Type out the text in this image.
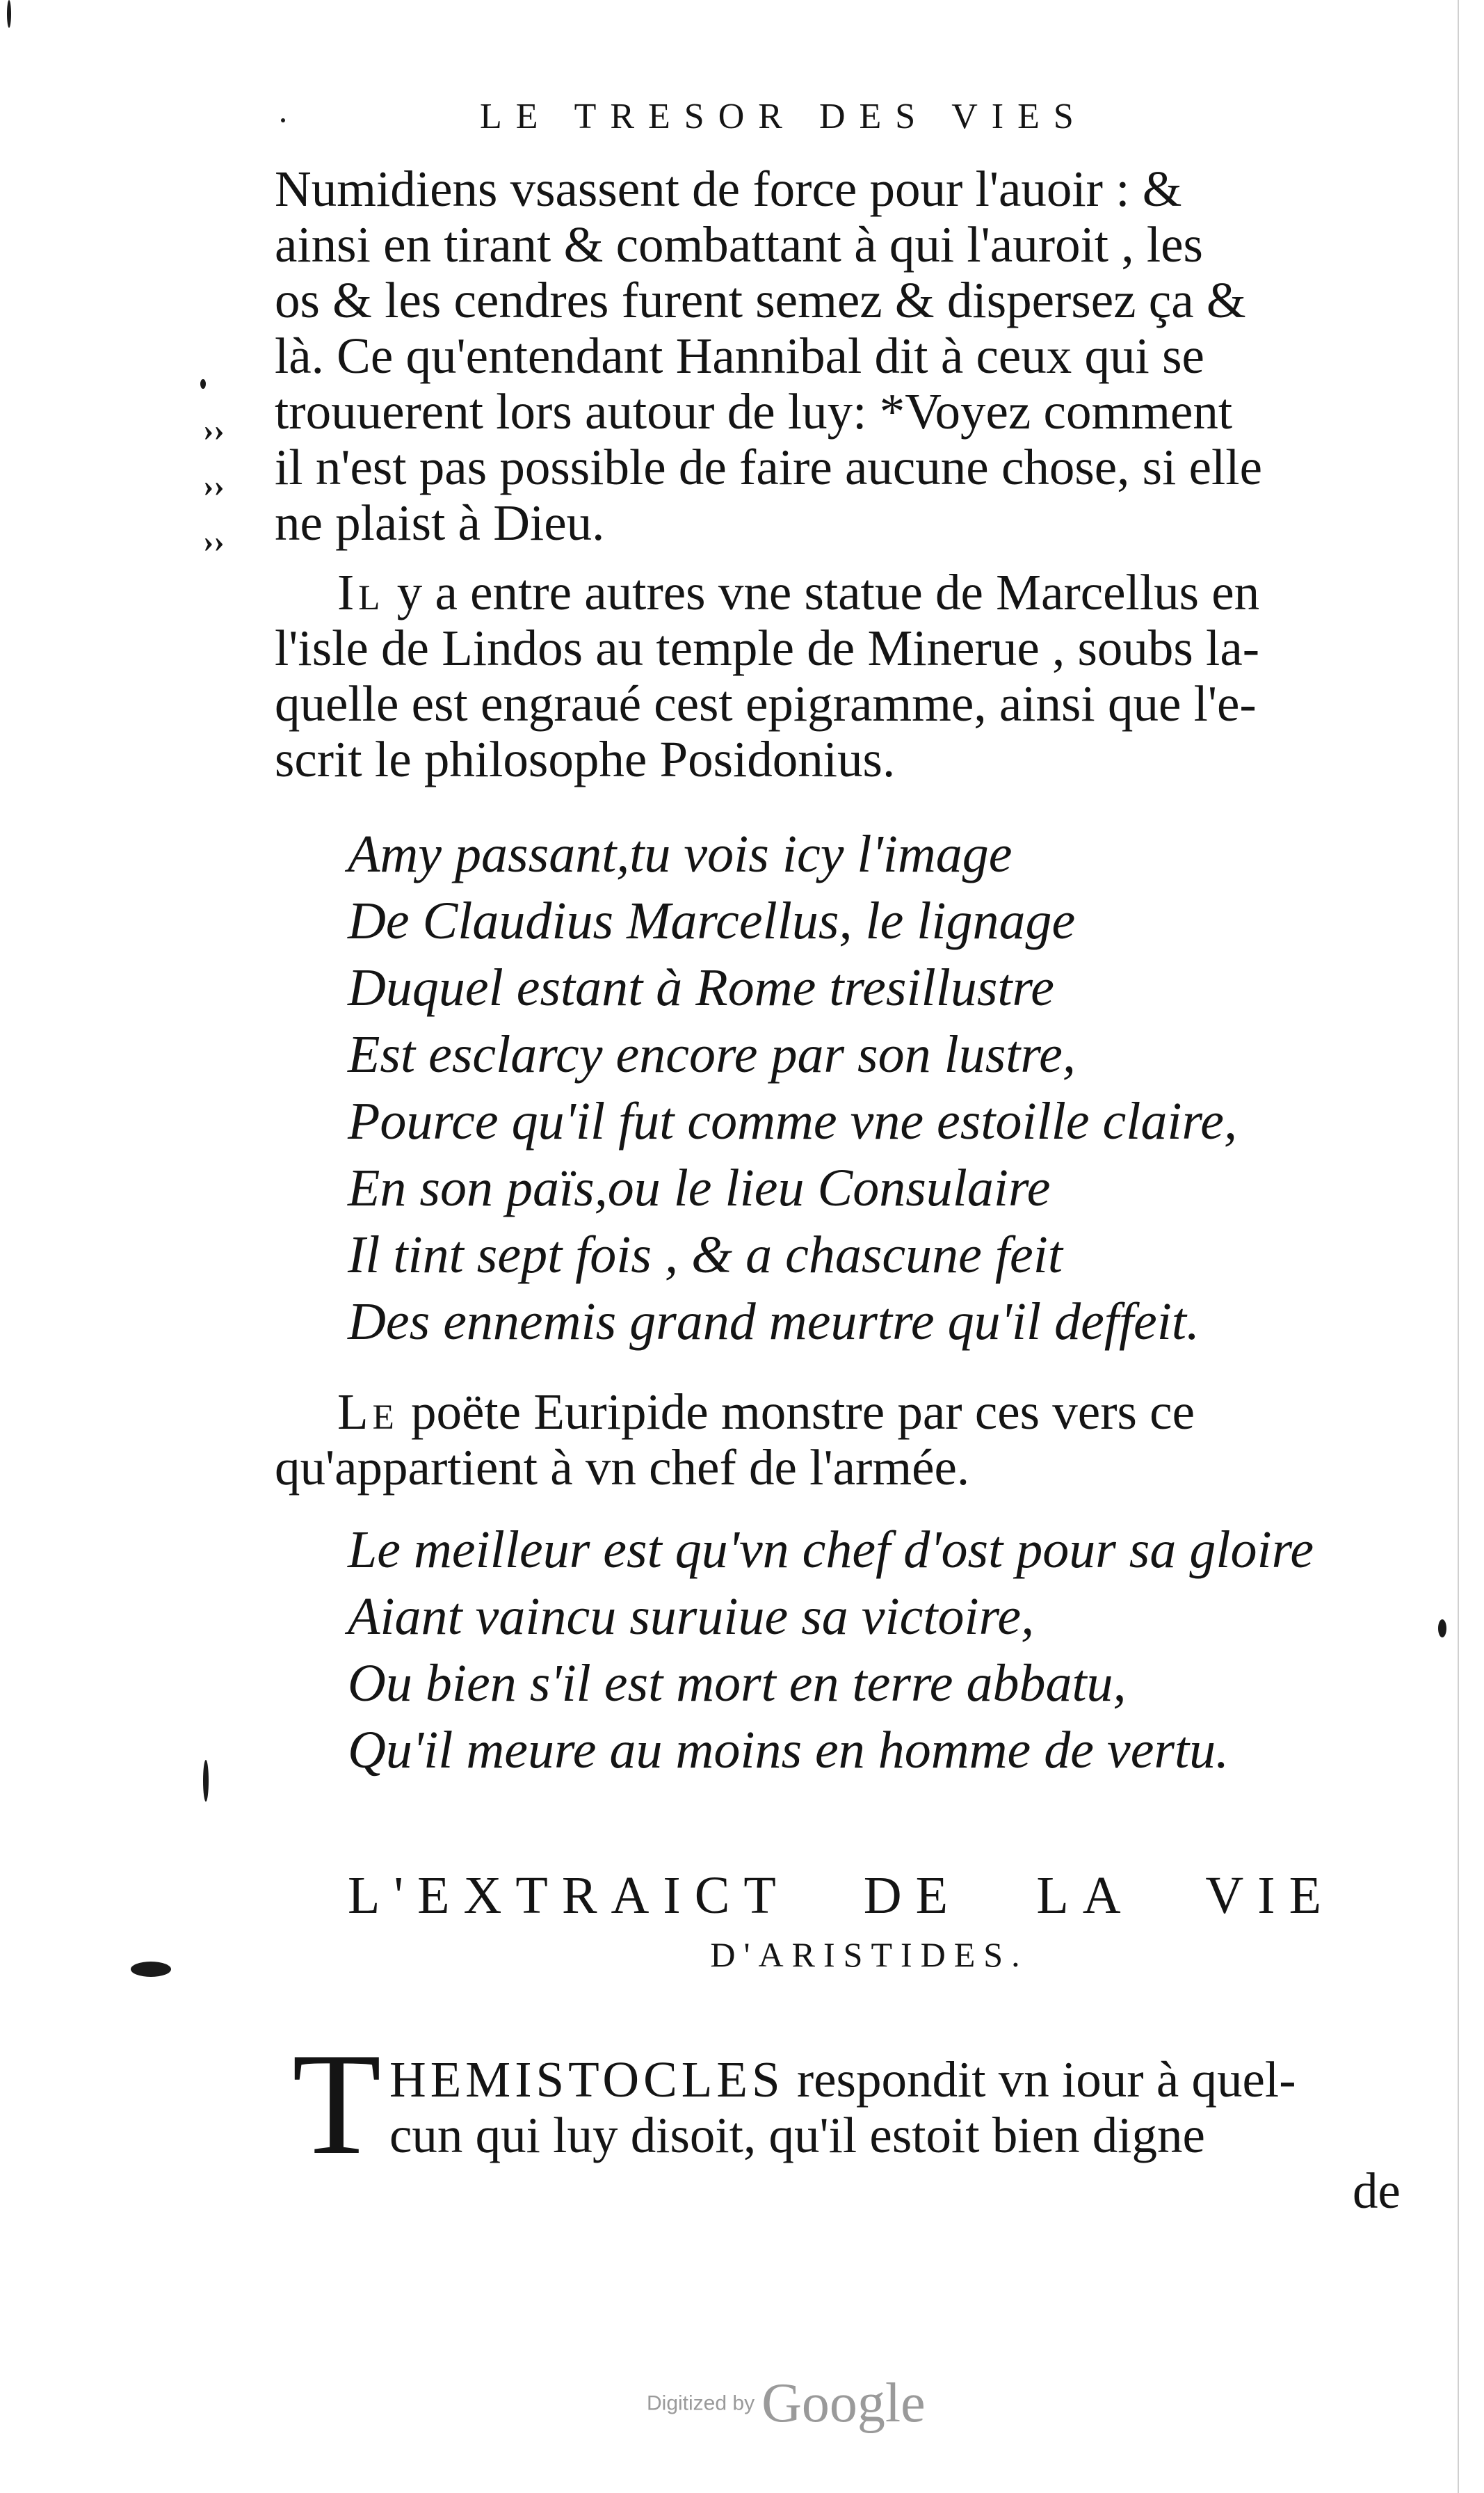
LE TRESOR DES VIES
››
››
››

Numidiens vsassent de force pour l'auoir : &

ainsi en tirant & combattant à qui l'auroit , les

os & les cendres furent semez & dispersez ça &

là. Ce qu'entendant Hannibal dit à ceux qui se

trouuerent lors autour de luy: *Voyez comment

il n'est pas possible de faire aucune chose, si elle

ne plaist à Dieu.

Il y a entre autres vne statue de Marcellus en

l'isle de Lindos au temple de Minerue , soubs la-

quelle est engraué cest epigramme, ainsi que l'e-

scrit le philosophe Posidonius.

Amy passant,tu vois icy l'image
De Claudius Marcellus, le lignage
Duquel estant à Rome tresillustre
Est esclarcy encore par son lustre,
Pource qu'il fut comme vne estoille claire,
En son païs,ou le lieu Consulaire
Il tint sept fois , & a chascune feit
Des ennemis grand meurtre qu'il deffeit.

Le poëte Euripide monstre par ces vers ce

qu'appartient à vn chef de l'armée.

Le meilleur est qu'vn chef d'ost pour sa gloire
Aiant vaincu suruiue sa victoire,
Ou bien s'il est mort en terre abbatu,
Qu'il meure au moins en homme de vertu.
L'EXTRAICT DE LA VIE
D'ARISTIDES.
T HEMISTOCLES respondit vn iour à quel-

cun qui luy disoit, qu'il estoit bien digne

de
Digitized by Google
